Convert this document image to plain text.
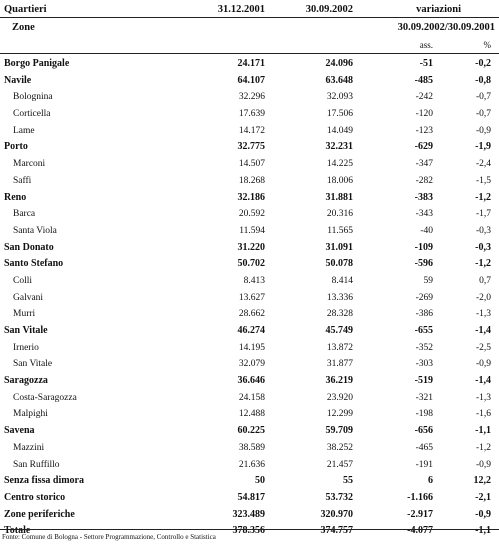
Quartieri
Zone
31.12.2001	30.09.2002	variazioni
30.09.2002/30.09.2001
ass.	%
Borgo Panigale	24.171	24.096	-51	-0,2
Navile	64.107	63.648	-485	-0,8
Bolognina	32.296	32.093	-242	-0,7
Corticella	17.639	17.506	-120	-0,7
Lame	14.172	14.049	-123	-0,9
Porto	32.775	32.231	-629	-1,9
Marconi	14.507	14.225	-347	-2,4
Saffi	18.268	18.006	-282	-1,5
Reno	32.186	31.881	-383	-1,2
Barca	20.592	20.316	-343	-1,7
Santa Viola	11.594	11.565	-40	-0,3
San Donato	31.220	31.091	-109	-0,3
Santo Stefano	50.702	50.078	-596	-1,2
Colli	8.413	8.414	59	0,7
Galvani	13.627	13.336	-269	-2,0
Murri	28.662	28.328	-386	-1,3
San Vitale	46.274	45.749	-655	-1,4
Irnerio	14.195	13.872	-352	-2,5
San Vitale	32.079	31.877	-303	-0,9
Saragozza	36.646	36.219	-519	-1,4
Costa-Saragozza	24.158	23.920	-321	-1,3
Malpighi	12.488	12.299	-198	-1,6
Savena	60.225	59.709	-656	-1,1
Mazzini	38.589	38.252	-465	-1,2
San Ruffillo	21.636	21.457	-191	-0,9
Senza fissa dimora	50	55	6	12,2
Centro storico	54.817	53.732	-1.166	-2,1
Zone periferiche	323.489	320.970	-2.917	-0,9
Totale	378.356	374.757	-4.077	-1,1
Fonte: Comune di Bologna - Settore Programmazione, Controllo e Statistica
